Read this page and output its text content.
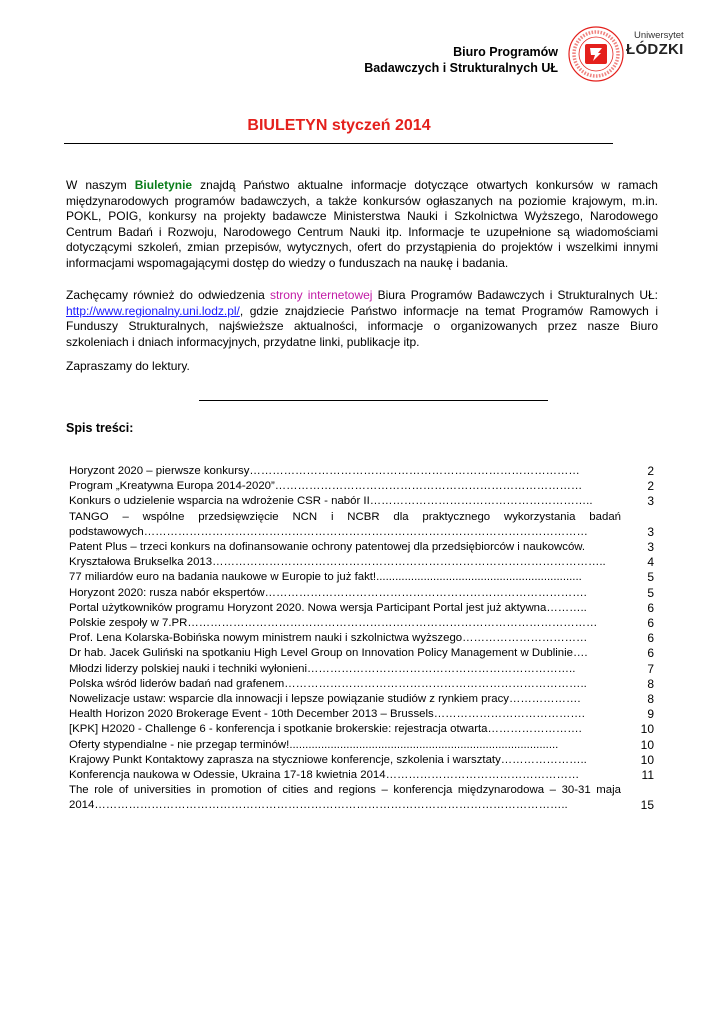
Biuro Programów
Badawczych i Strukturalnych UŁ
Uniwersytet
ŁÓDZKI
BIULETYN styczeń 2014
W naszym Biuletynie znajdą Państwo aktualne informacje dotyczące otwartych konkursów w ramach międzynarodowych programów badawczych, a także konkursów ogłaszanych na poziomie krajowym, m.in. POKL, POIG, konkursy na projekty badawcze Ministerstwa Nauki i Szkolnictwa Wyższego, Narodowego Centrum Badań i Rozwoju, Narodowego Centrum Nauki itp. Informacje te uzupełnione są wiadomościami dotyczącymi szkoleń, zmian przepisów, wytycznych, ofert do przystąpienia do projektów i wszelkimi innymi informacjami wspomagającymi dostęp do wiedzy o funduszach na naukę i badania.
Zachęcamy również do odwiedzenia strony internetowej Biura Programów Badawczych i Strukturalnych UŁ: http://www.regionalny.uni.lodz.pl/, gdzie znajdziecie Państwo informacje na temat Programów Ramowych i Funduszy Strukturalnych, najświeższe aktualności, informacje o organizowanych przez nasze Biuro szkoleniach i dniach informacyjnych, przydatne linki, publikacje itp.
Zapraszamy do lektury.
Spis treści:
Horyzont 2020 – pierwsze konkursy……………………………………………………………………………	2
Program „Kreatywna Europa 2014-2020”………………………………………………………………………	2
Konkurs o udzielenie wsparcia na wdrożenie CSR - nabór II…………………………………………………..	3
TANGO – wspólne przedsięwzięcie NCN i NCBR dla praktycznego wykorzystania badań podstawowych………………………………………………………………………………………………………	3
Patent Plus – trzeci konkurs na dofinansowanie ochrony patentowej dla przedsiębiorców i naukowców.	3
Kryształowa Brukselka 2013…………………………………………………………………………………………..	4
77 miliardów euro na badania naukowe w Europie to już fakt!.................................................................	5
Horyzont 2020: rusza nabór ekspertów………………………………………………………………………….	5
Portal użytkowników programu Horyzont 2020. Nowa wersja Participant Portal jest już aktywna………..	6
Polskie zespoły w 7.PR………………………………………………………………………………………………	6
Prof. Lena Kolarska-Bobińska nowym ministrem nauki i szkolnictwa wyższego……………………………	6
Dr hab. Jacek Guliński na spotkaniu High Level Group on Innovation Policy Management w Dublinie….	6
Młodzi liderzy polskiej nauki i techniki wyłonieni……………………………………………………………..	7
Polska wśród liderów badań nad grafenem……………………………………………………………………..	8
Nowelizacje ustaw: wsparcie dla innowacji i lepsze powiązanie studiów z rynkiem pracy……………….	8
Health Horizon 2020 Brokerage Event - 10th December 2013 – Brussels………………………………….	9
[KPK] H2020 - Challenge 6 - konferencja i spotkanie brokerskie: rejestracja otwarta…………………….	10
Oferty stypendialne - nie przegap terminów!.....................................................................................	10
Krajowy Punkt Kontaktowy zaprasza na styczniowe konferencje, szkolenia i warsztaty…………………..	10
Konferencja naukowa w Odessie, Ukraina 17-18 kwietnia 2014……………………………………………	11
The role of universities in promotion of cities and regions – konferencja międzynarodowa – 30-31 maja 2014……………………………………………………………………………………………………………..	15
